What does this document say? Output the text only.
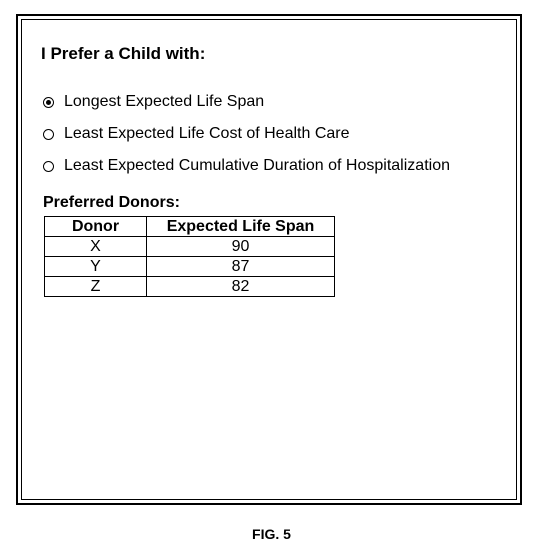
I Prefer a Child with:
Longest Expected Life Span
Least Expected Life Cost of Health Care
Least Expected Cumulative Duration of Hospitalization
Preferred Donors:
Donor	Expected Life Span
X	90
Y	87
Z	82

FIG. 5
